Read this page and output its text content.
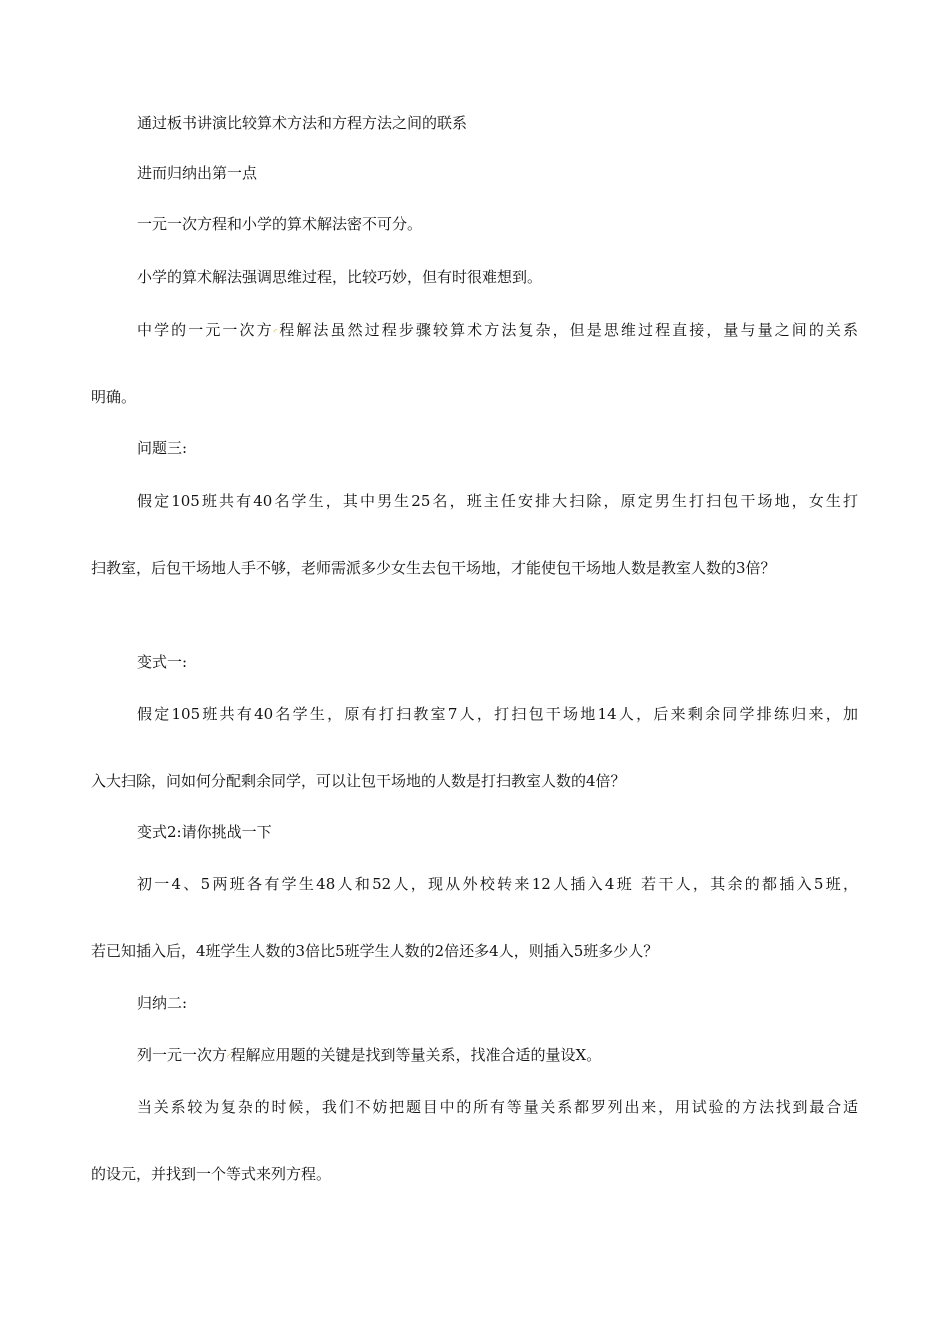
通过板书讲演比较算术方法和方程方法之间的联系
进而归纳出第一点
一元一次方程和小学的算术解法密不可分。
小学的算术解法强调思维过程，比较巧妙，但有时很难想到。
中学的一元一次方◜程解法虽然过程步骤较算术方法复杂，但是思维过程直接，量与量之间的关系
明确。
问题三:
假定105班共有40名学生，其中男生25名，班主任安排大扫除，原定男生打扫包干场地，女生打
扫教室，后包干场地人手不够，老师需派多少女生去包干场地，才能使包干场地人数是教室人数的3倍？
变式一:
假定105班共有40名学生，原有打扫教室7人，打扫包干场地14人，后来剩余同学排练归来，加
入大扫除，问如何分配剩余同学，可以让包干场地的人数是打扫教室人数的4倍？
变式2:请你挑战一下
初一4、5两班各有学生48人和52人，现从外校转来12人插入4班 若干人，其余的都插入5班，
若已知插入后，4班学生人数的3倍比5班学生人数的2倍还多4人，则插入5班多少人？
归纳二:
列一元一次方◜程解应用题的关键是找到等量关系，找准合适的量设X。
当关系较为复杂的时候，我们不妨把题目中的所有等量关系都罗列出来，用试验的方法找到最合适
的设元，并找到一个等式来列方程。
